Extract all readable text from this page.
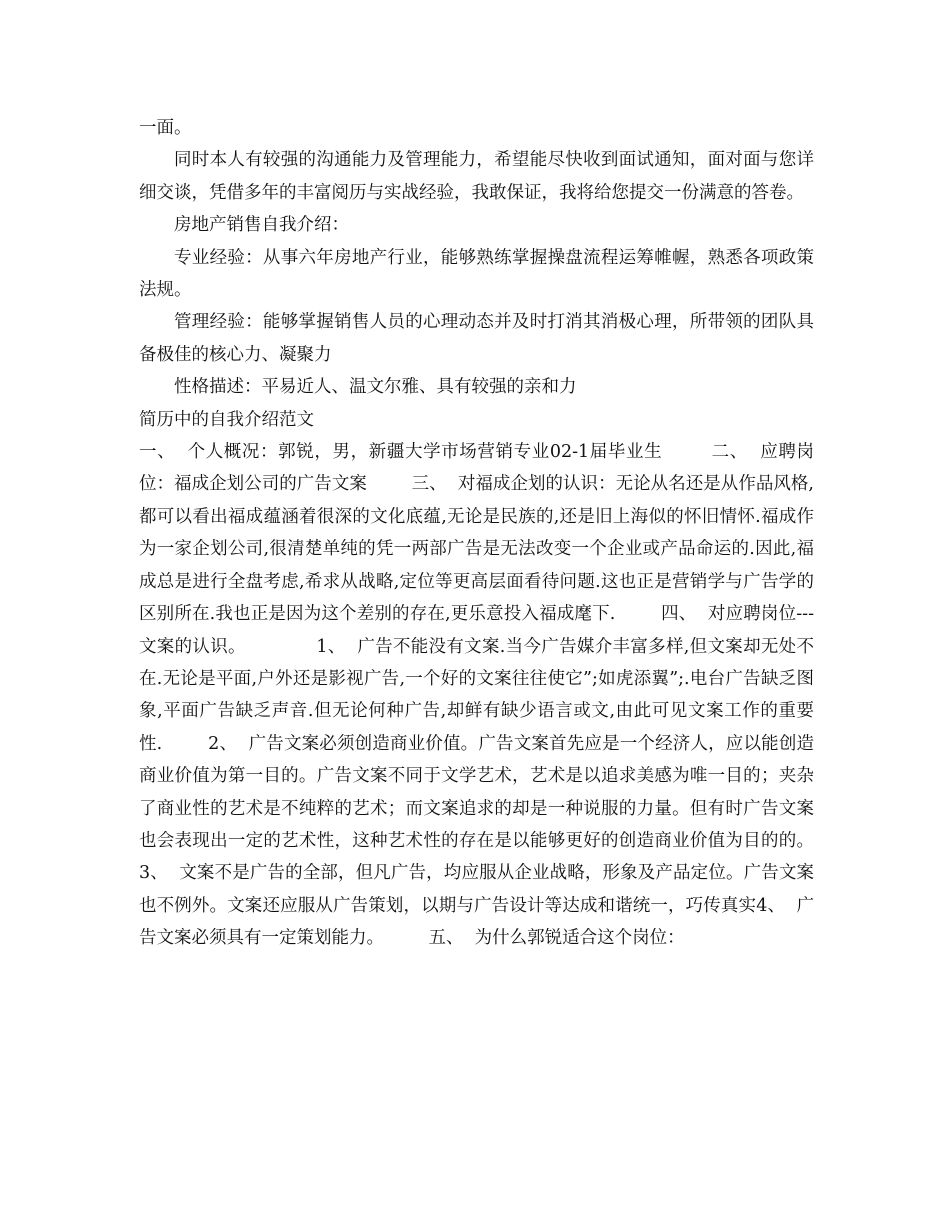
一面。

同时本人有较强的沟通能力及管理能力，希望能尽快收到面试通知，面对面与您详细交谈，凭借多年的丰富阅历与实战经验，我敢保证，我将给您提交一份满意的答卷。

房地产销售自我介绍：

专业经验：从事六年房地产行业，能够熟练掌握操盘流程运筹帷幄，熟悉各项政策法规。

管理经验：能够掌握销售人员的心理动态并及时打消其消极心理，所带领的团队具备极佳的核心力、凝聚力

性格描述：平易近人、温文尔雅、具有较强的亲和力

简历中的自我介绍范文

一、  个人概况：郭锐，男，新疆大学市场营销专业02-1届毕业生        二、  应聘岗位：福成企划公司的广告文案        三、  对福成企划的认识：无论从名还是从作品风格,都可以看出福成蕴涵着很深的文化底蕴,无论是民族的,还是旧上海似的怀旧情怀.福成作为一家企划公司,很清楚单纯的凭一两部广告是无法改变一个企业或产品命运的.因此,福成总是进行全盘考虑,希求从战略,定位等更高层面看待问题.这也正是营销学与广告学的区别所在.我也正是因为这个差别的存在,更乐意投入福成麾下.        四、  对应聘岗位---文案的认识。            1、  广告不能没有文案.当今广告媒介丰富多样,但文案却无处不在.无论是平面,户外还是影视广告,一个好的文案往往使它”;如虎添翼”;.电台广告缺乏图象,平面广告缺乏声音.但无论何种广告,却鲜有缺少语言或文,由此可见文案工作的重要性.        2、  广告文案必须创造商业价值。广告文案首先应是一个经济人，应以能创造商业价值为第一目的。广告文案不同于文学艺术，艺术是以追求美感为唯一目的；夹杂了商业性的艺术是不纯粹的艺术；而文案追求的却是一种说服的力量。但有时广告文案也会表现出一定的艺术性，这种艺术性的存在是以能够更好的创造商业价值为目的的。        3、  文案不是广告的全部，但凡广告，均应服从企业战略，形象及产品定位。广告文案也不例外。文案还应服从广告策划，以期与广告设计等达成和谐统一，巧传真实4、  广告文案必须具有一定策划能力。        五、  为什么郭锐适合这个岗位：
